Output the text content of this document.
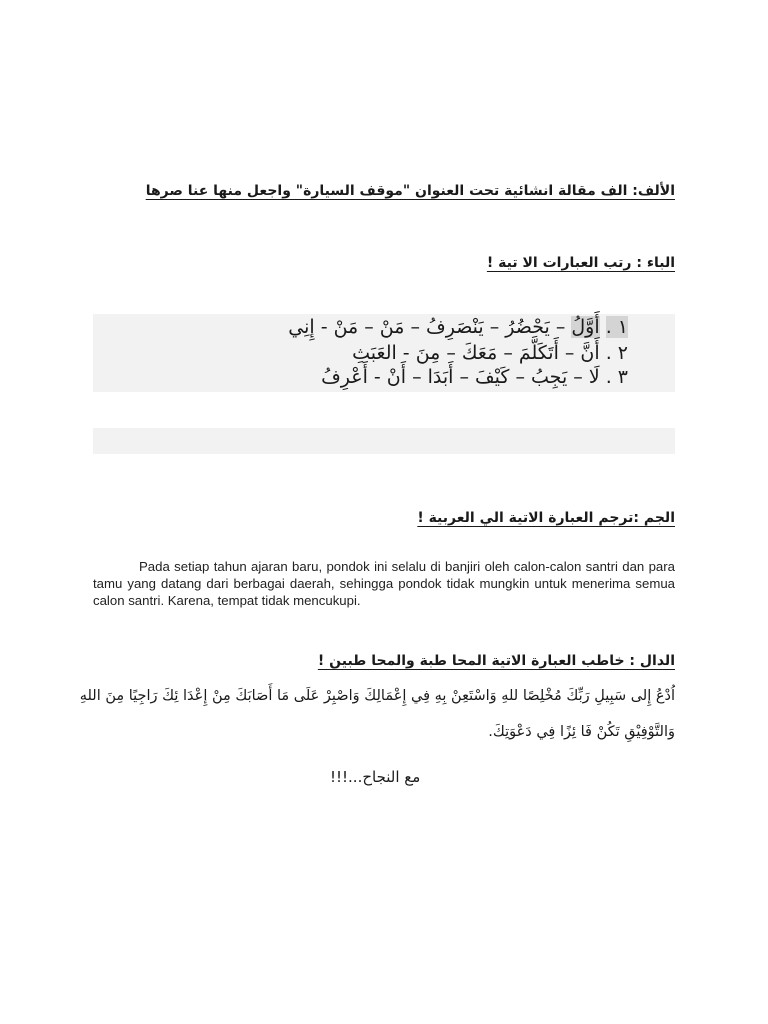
الألف: الف مقالة انشائية تحت العنوان "موقف السيارة" واجعل منها عنا صرها
الباء : رتب العبارات الا تية !
١ . أَوَّلُ – يَحْضُرُ – يَنْصَرِفُ – مَنْ – مَنْ - إِنِي
٢ . أَنَّ – أَتَكَلَّمَ – مَعَكَ – مِنَ - العَبَثِ
٣ . لَا – يَجِبُ – كَيْفَ – أَبَدَا – أَنْ - أَعْرِفُ
الجم :ترجم العبارة الاتية الي العربية !

Pada setiap tahun ajaran baru, pondok ini selalu di banjiri oleh calon-calon santri dan para tamu yang datang dari berbagai daerah, sehingga pondok tidak mungkin untuk menerima semua calon santri. Karena, tempat tidak mencukupi.

الدال : خاطب العبارة الاتية المحا طبة والمحا طبين !
اُدْعُ إِلى سَبِيلِ رَبِّكَ مُخْلِصًا للهِ وَاسْتَعِنْ بِهِ فِي إِعْمَالِكَ وَاصْبِرْ عَلَى مَا أَصَابَكَ مِنْ إِعْدَا ئِكَ رَاجِيًا مِنَ اللهِ
وَالتَّوْفِيْقِ تَكُنْ فَا ئِزًا فِي دَعْوَتِكَ.
مع النجاح...!!!
